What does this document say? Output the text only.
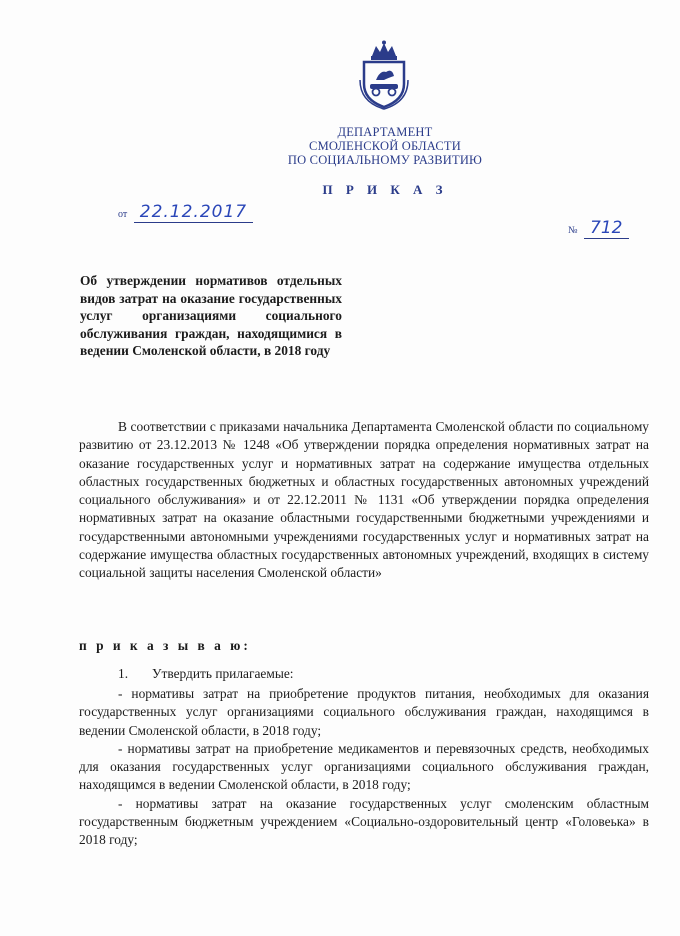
ДЕПАРТАМЕНТ
СМОЛЕНСКОЙ ОБЛАСТИ
ПО СОЦИАЛЬНОМУ РАЗВИТИЮ
П Р И К А З
от 22.12.2017
№ 712
Об утверждении нормативов отдельных видов затрат на оказание государственных услуг организациями социального обслуживания граждан, находящимися в ведении Смоленской области, в 2018 году
В соответствии с приказами начальника Департамента Смоленской области по социальному развитию от 23.12.2013 № 1248 «Об утверждении порядка определения нормативных затрат на оказание государственных услуг и нормативных затрат на содержание имущества отдельных областных государственных бюджетных и областных государственных автономных учреждений социального обслуживания» и от 22.12.2011 № 1131 «Об утверждении порядка определения нормативных затрат на оказание областными государственными бюджетными учреждениями и государственными автономными учреждениями государственных услуг и нормативных затрат на содержание имущества областных государственных автономных учреждений, входящих в систему социальной защиты населения Смоленской области»
п р и к а з ы в а ю:
1. Утвердить прилагаемые:

- нормативы затрат на приобретение продуктов питания, необходимых для оказания государственных услуг организациями социального обслуживания граждан, находящимся в ведении Смоленской области, в 2018 году;

- нормативы затрат на приобретение медикаментов и перевязочных средств, необходимых для оказания государственных услуг организациями социального обслуживания граждан, находящимся в ведении Смоленской области, в 2018 году;

- нормативы затрат на оказание государственных услуг смоленским областным государственным бюджетным учреждением «Социально-оздоровительный центр «Головеька» в 2018 году;
